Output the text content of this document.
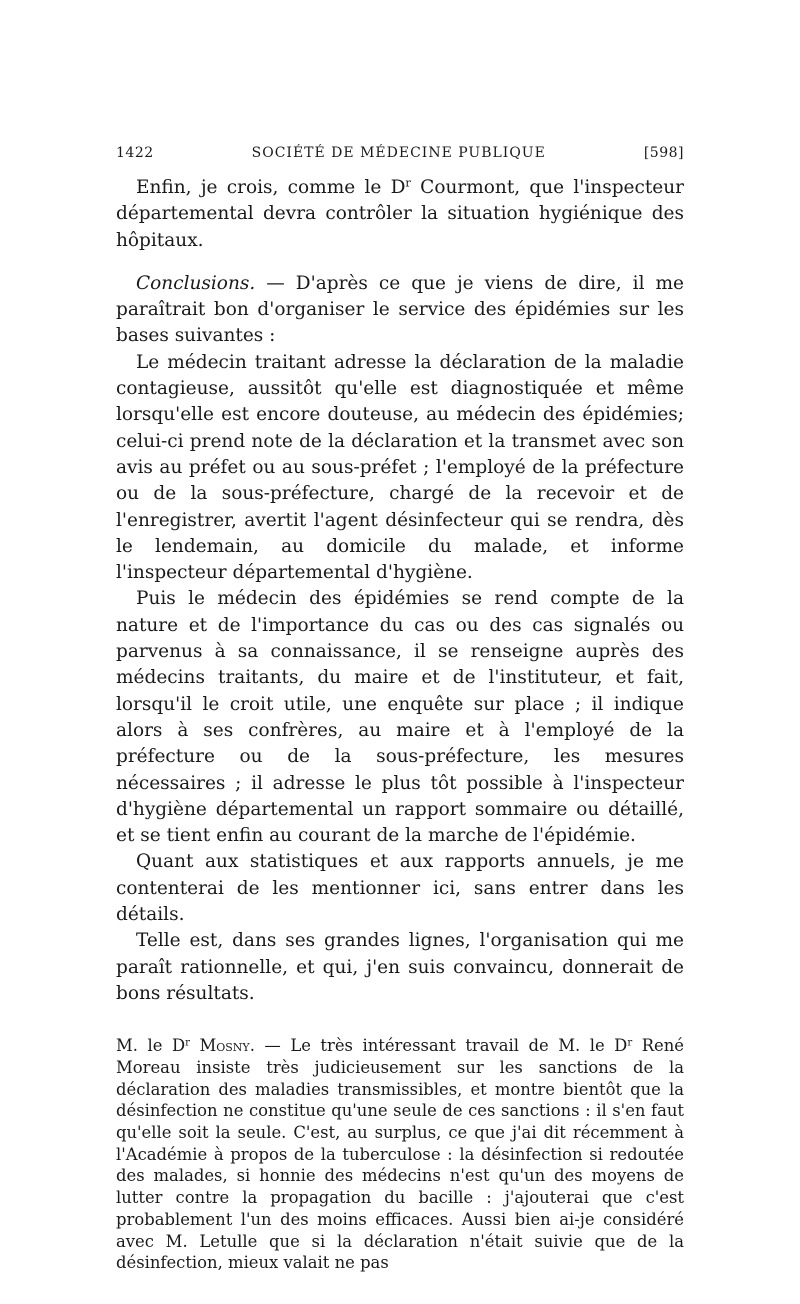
1422	SOCIÉTÉ DE MÉDECINE PUBLIQUE	[598]

Enfin, je crois, comme le $D^r$ Courmont, que l'inspecteur départemental devra contrôler la situation hygiénique des hôpitaux.

Conclusions. — D'après ce que je viens de dire, il me paraîtrait bon d'organiser le service des épidémies sur les bases suivantes :

Le médecin traitant adresse la déclaration de la maladie contagieuse, aussitôt qu'elle est diagnostiquée et même lorsqu'elle est encore douteuse, au médecin des épidémies; celui-ci prend note de la déclaration et la transmet avec son avis au préfet ou au sous-préfet ; l'employé de la préfecture ou de la sous-préfecture, chargé de la recevoir et de l'enregistrer, avertit l'agent désinfecteur qui se rendra, dès le lendemain, au domicile du malade, et informe l'inspecteur départemental d'hygiène.

Puis le médecin des épidémies se rend compte de la nature et de l'importance du cas ou des cas signalés ou parvenus à sa connaissance, il se renseigne auprès des médecins traitants, du maire et de l'instituteur, et fait, lorsqu'il le croit utile, une enquête sur place ; il indique alors à ses confrères, au maire et à l'employé de la préfecture ou de la sous-préfecture, les mesures nécessaires ; il adresse le plus tôt possible à l'inspecteur d'hygiène départemental un rapport sommaire ou détaillé, et se tient enfin au courant de la marche de l'épidémie.

Quant aux statistiques et aux rapports annuels, je me contenterai de les mentionner ici, sans entrer dans les détails.

Telle est, dans ses grandes lignes, l'organisation qui me paraît rationnelle, et qui, j'en suis convaincu, donnerait de bons résultats.

M. le $D^r$ Mosny. — Le très intéressant travail de M. le $D^r$ René Moreau insiste très judicieusement sur les sanctions de la déclaration des maladies transmissibles, et montre bientôt que la désinfection ne constitue qu'une seule de ces sanctions : il s'en faut qu'elle soit la seule. C'est, au surplus, ce que j'ai dit récemment à l'Académie à propos de la tuberculose : la désinfection si redoutée des malades, si honnie des médecins n'est qu'un des moyens de lutter contre la propagation du bacille : j'ajouterai que c'est probablement l'un des moins efficaces. Aussi bien ai-je considéré avec M. Letulle que si la déclaration n'était suivie que de la désinfection, mieux valait ne pas
